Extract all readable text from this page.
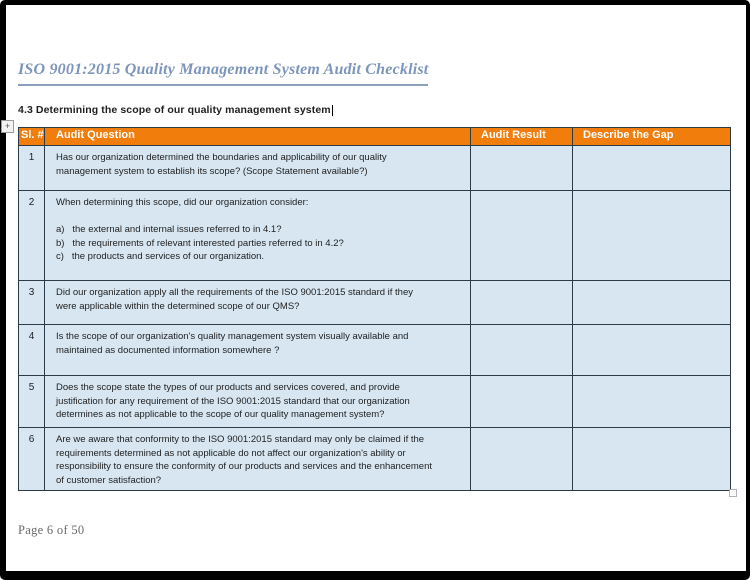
ISO 9001:2015 Quality Management System Audit Checklist
4.3 Determining the scope of our quality management system
+
Sl. #	Audit Question	Audit Result	Describe the Gap
1	Has our organization determined the boundaries and applicability of our quality
management system to establish its scope? (Scope Statement available?)		

2	When determining this scope, did our organization consider:

a)   the external and internal issues referred to in 4.1?
b)   the requirements of relevant interested parties referred to in 4.2?
c)   the products and services of our organization.		

3	Did our organization apply all the requirements of the ISO 9001:2015 standard if they
were applicable within the determined scope of our QMS?		

4	Is the scope of our organization's quality management system visually available and
maintained as documented information somewhere ?		

5	Does the scope state the types of our products and services covered, and provide
justification for any requirement of the ISO 9001:2015 standard that our organization
determines as not applicable to the scope of our quality management system?		

6	Are we aware that conformity to the ISO 9001:2015 standard may only be claimed if the
requirements determined as not applicable do not affect our organization's ability or
responsibility to ensure the conformity of our products and services and the enhancement
of customer satisfaction?		

Page 6 of 50
